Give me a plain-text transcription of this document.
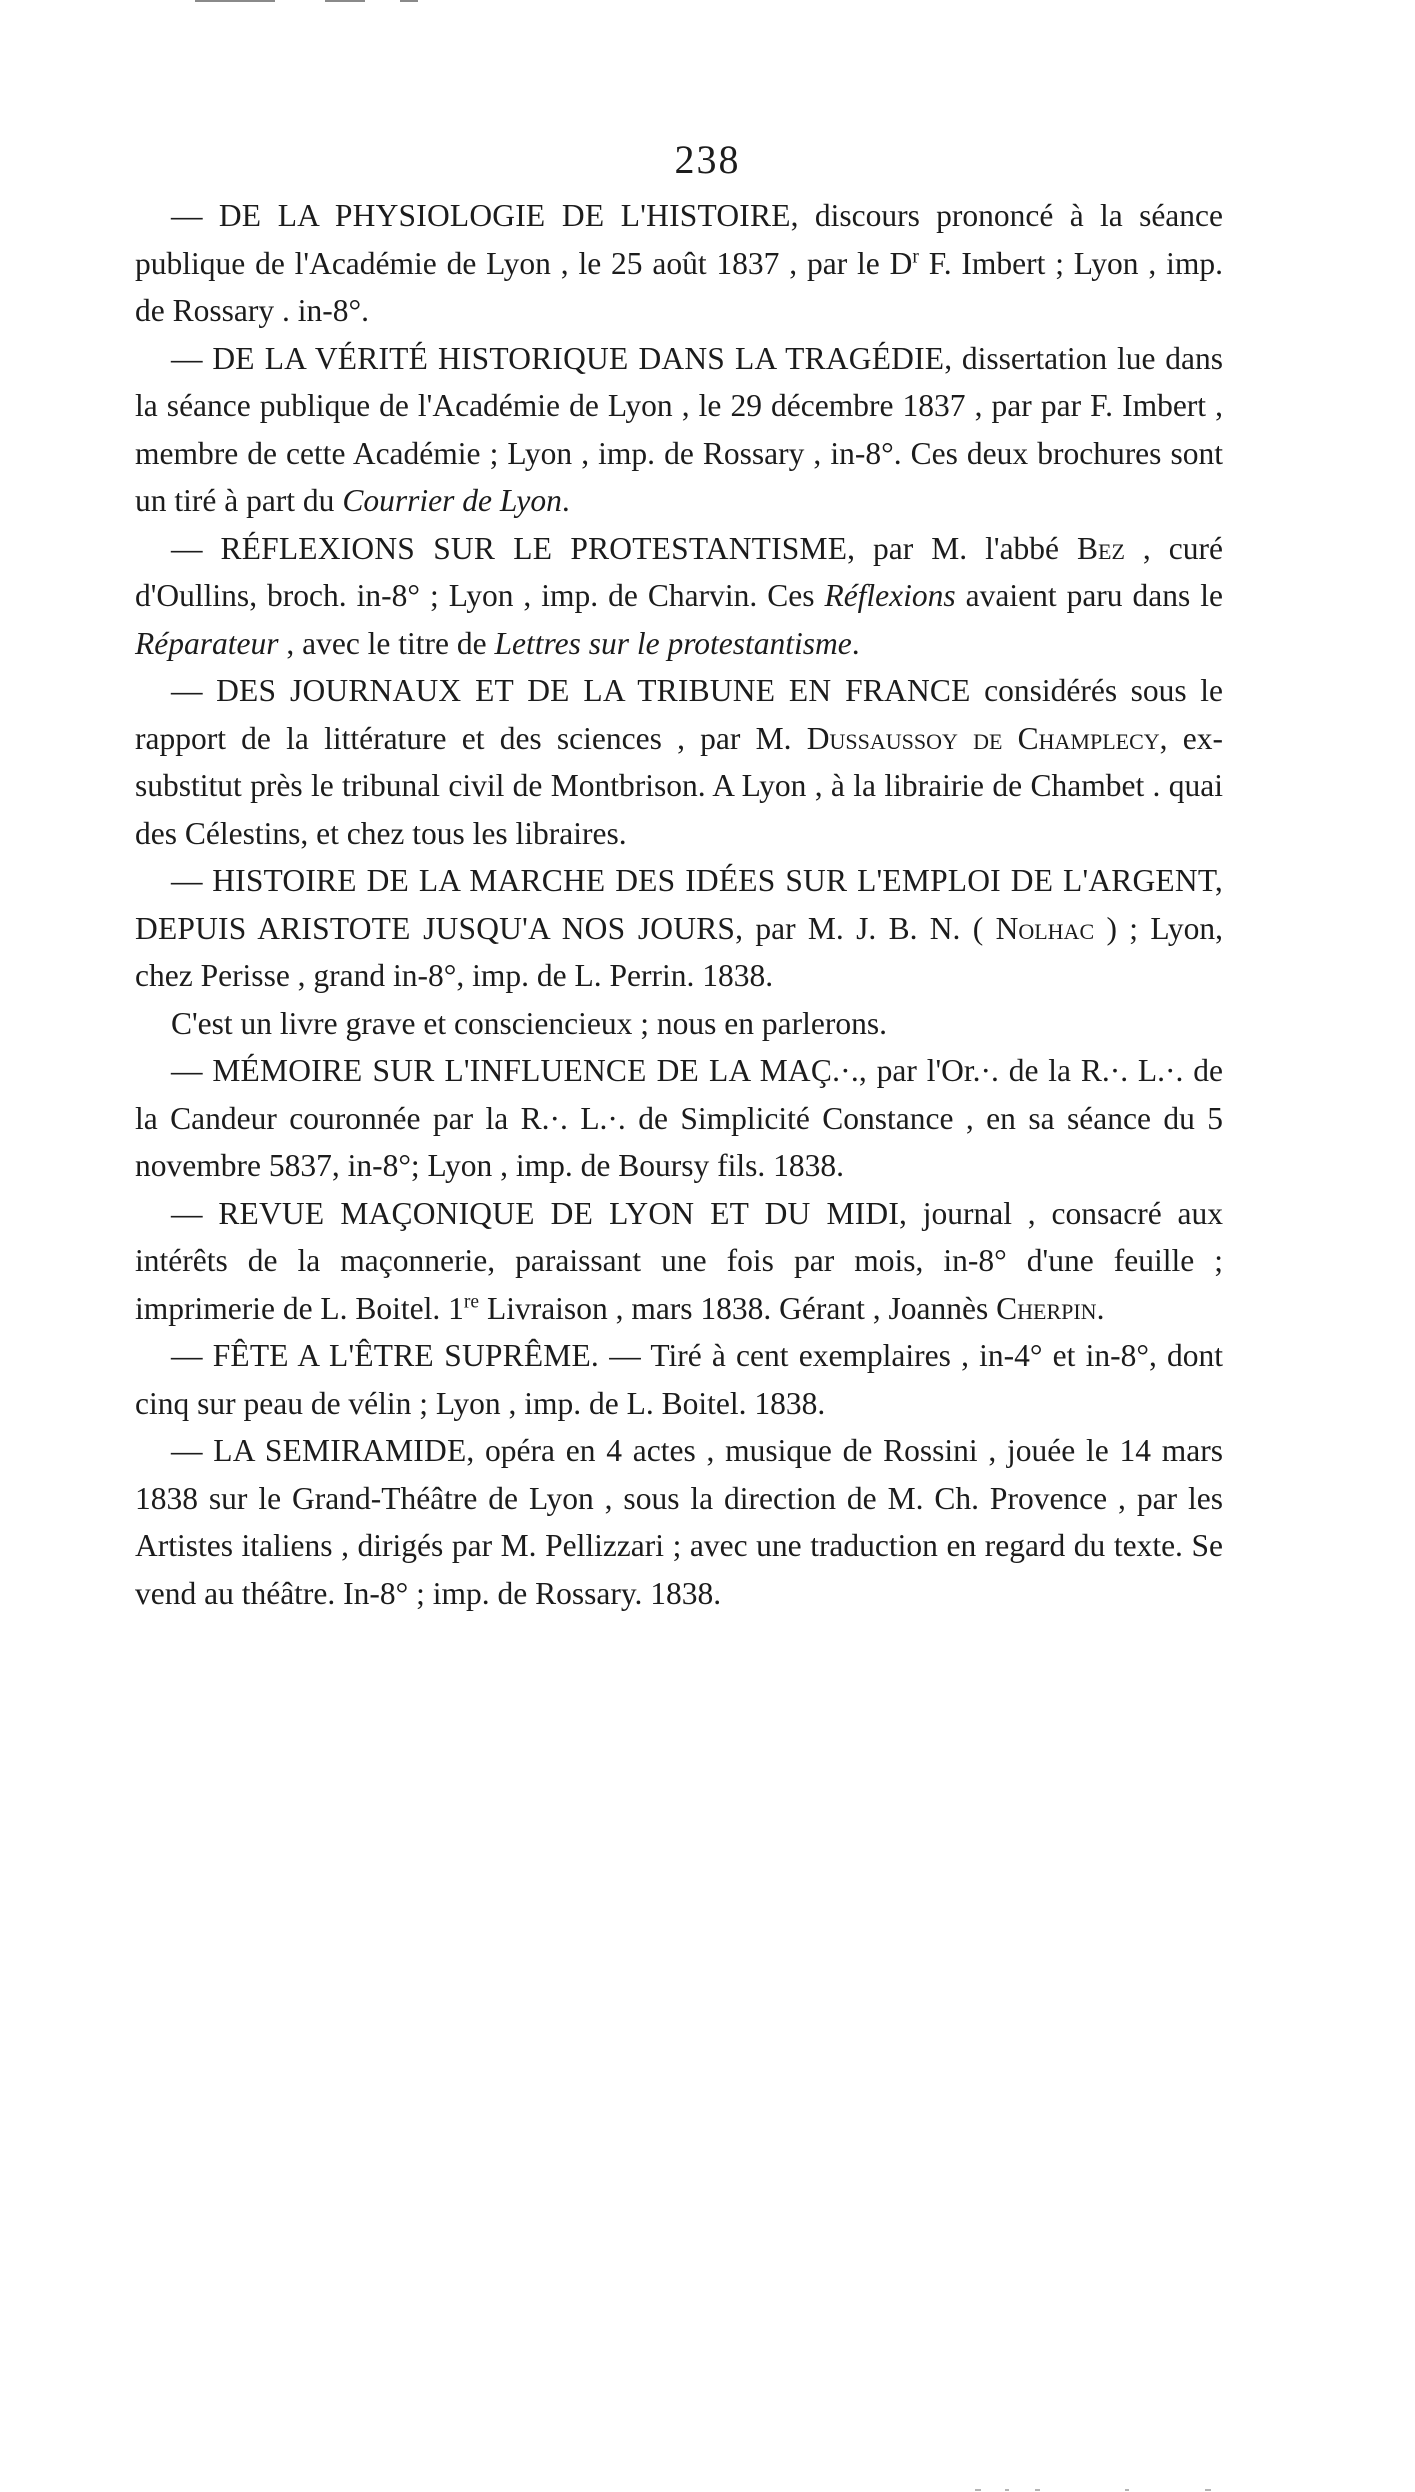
238

— DE LA PHYSIOLOGIE DE L'HISTOIRE, discours prononcé à la séance publique de l'Académie de Lyon , le 25 août 1837 , par le $D^r$ F. Imbert ; Lyon , imp. de Rossary . in-8°.

— DE LA VÉRITÉ HISTORIQUE DANS LA TRAGÉDIE, dissertation lue dans la séance publique de l'Académie de Lyon , le 29 décembre 1837 , par par F. Imbert , membre de cette Académie ; Lyon , imp. de Rossary , in-8°. Ces deux brochures sont un tiré à part du Courrier de Lyon.

— RÉFLEXIONS SUR LE PROTESTANTISME, par M. l'abbé Bez , curé d'Oullins, broch. in-8° ; Lyon , imp. de Charvin. Ces Réflexions avaient paru dans le Réparateur , avec le titre de Lettres sur le protestantisme.

— DES JOURNAUX ET DE LA TRIBUNE EN FRANCE considérés sous le rapport de la littérature et des sciences , par M. Dussaussoy de Champlecy, ex-substitut près le tribunal civil de Montbrison. A Lyon , à la librairie de Chambet . quai des Célestins, et chez tous les libraires.

— HISTOIRE DE LA MARCHE DES IDÉES SUR L'EMPLOI DE L'ARGENT, DEPUIS ARISTOTE JUSQU'A NOS JOURS, par M. J. B. N. ( Nolhac ) ; Lyon, chez Perisse , grand in-8°, imp. de L. Perrin. 1838.

C'est un livre grave et consciencieux ; nous en parlerons.

— MÉMOIRE SUR L'INFLUENCE DE LA MAÇ.·., par l'Or.·. de la R.·. L.·. de la Candeur couronnée par la R.·. L.·. de Simplicité Constance , en sa séance du 5 novembre 5837, in-8°; Lyon , imp. de Boursy fils. 1838.

— REVUE MAÇONIQUE DE LYON ET DU MIDI, journal , consacré aux intérêts de la maçonnerie, paraissant une fois par mois, in-8° d'une feuille ; imprimerie de L. Boitel. 1re Livraison , mars 1838. Gérant , Joannès Cherpin.

— FÊTE A L'ÊTRE SUPRÊME. — Tiré à cent exemplaires , in-4° et in-8°, dont cinq sur peau de vélin ; Lyon , imp. de L. Boitel. 1838.

— LA SEMIRAMIDE, opéra en 4 actes , musique de Rossini , jouée le 14 mars 1838 sur le Grand-Théâtre de Lyon , sous la direction de M. Ch. Provence , par les Artistes italiens , dirigés par M. Pellizzari ; avec une traduction en regard du texte. Se vend au théâtre. In-8° ; imp. de Rossary. 1838.
